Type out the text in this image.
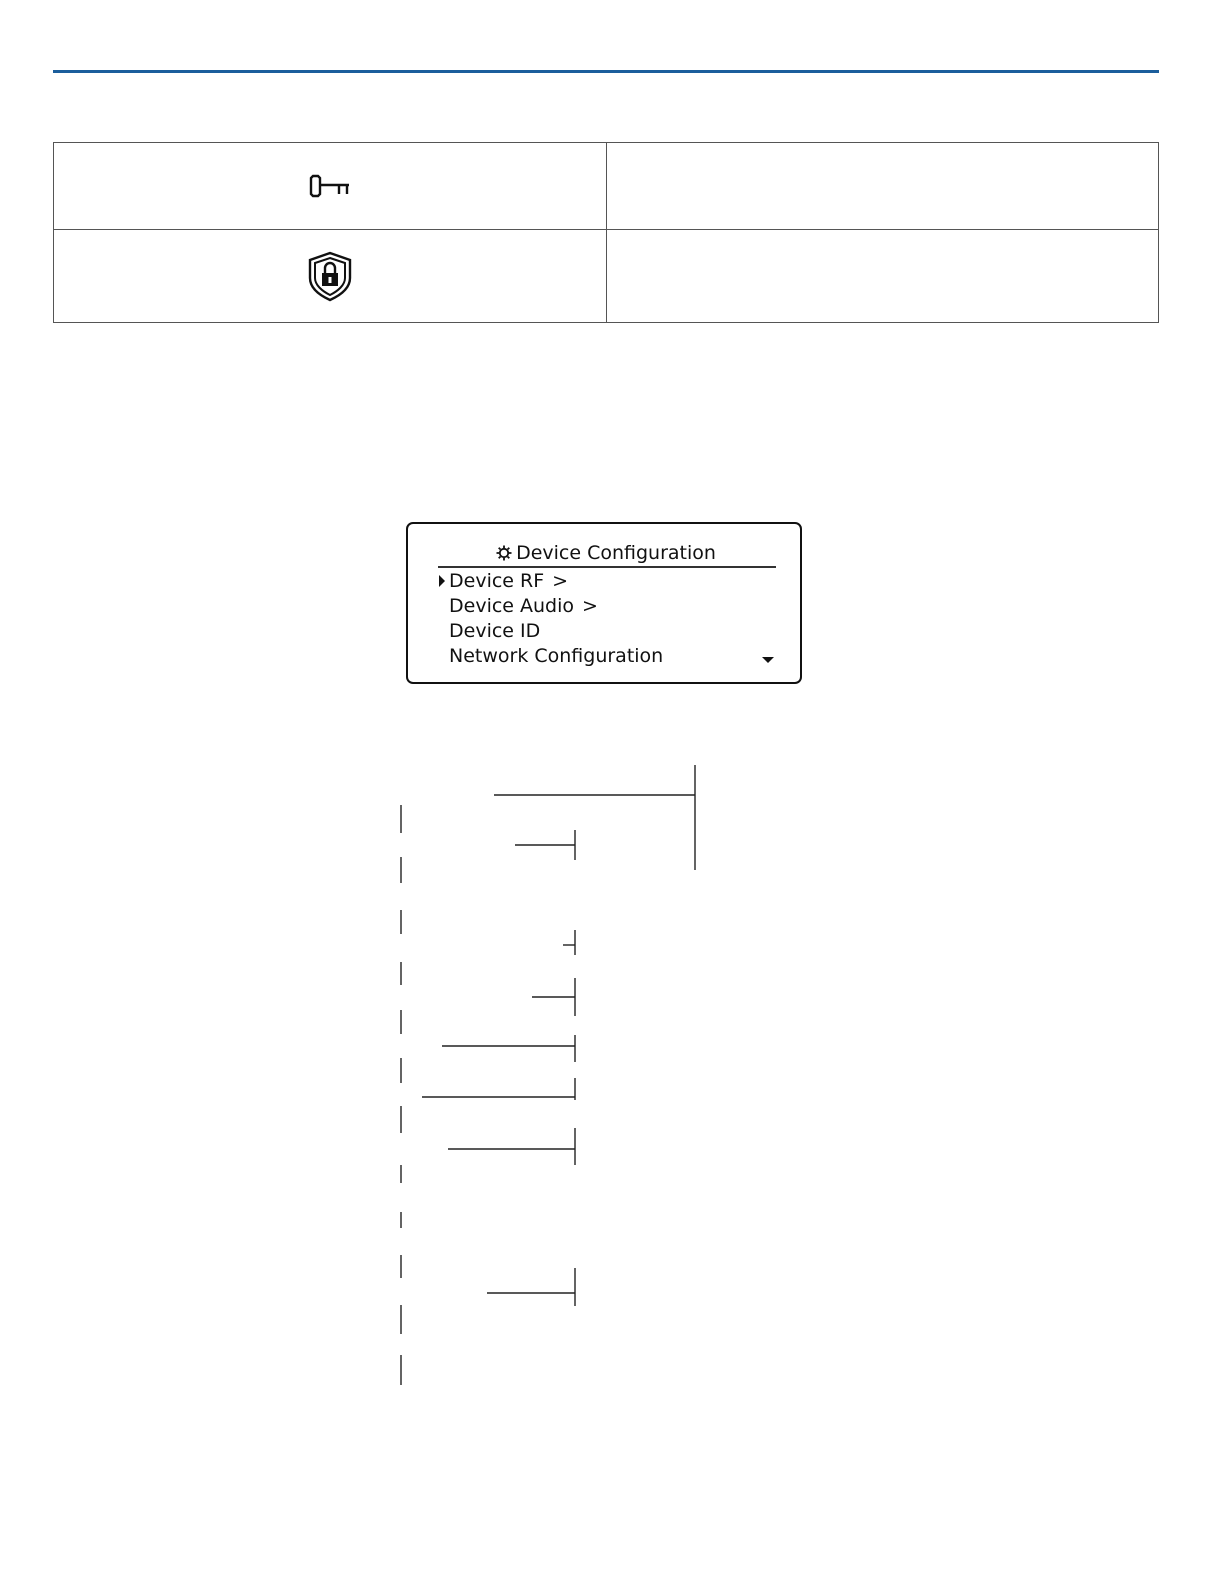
Device Configuration
Device RF >
Device Audio >
Device ID
Network Configuration
